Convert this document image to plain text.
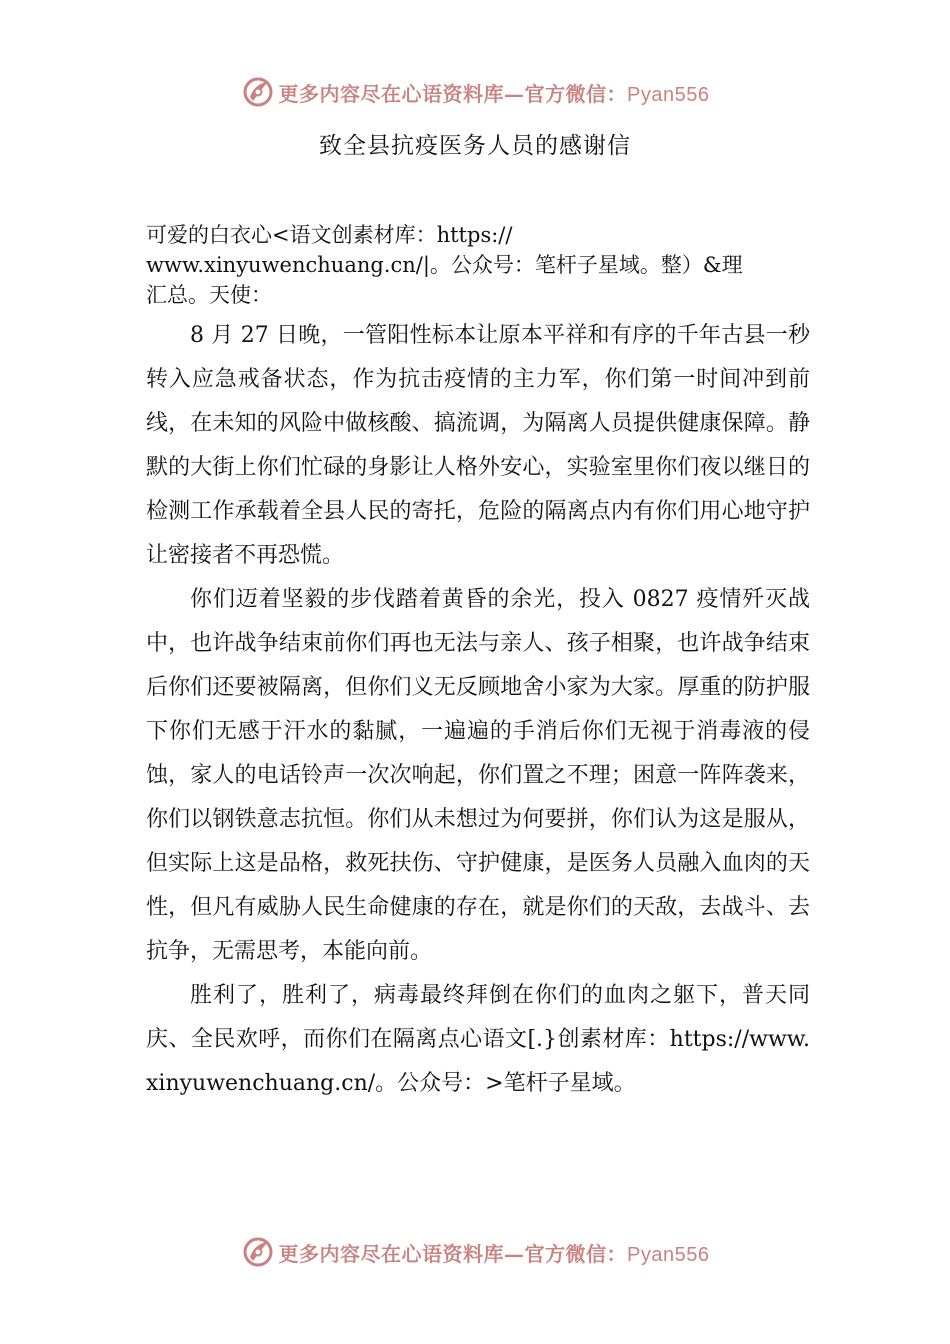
更多内容尽在心语资料库—官方微信：Pyan556
致全县抗疫医务人员的感谢信
可爱的白衣心<语文创素材库：https://
www.xinyuwenchuang.cn/|。公众号：笔杆子星域。整）&理
汇总。天使：

8 月 27 日晚，一管阳性标本让原本平祥和有序的千年古县一秒转入应急戒备状态，作为抗击疫情的主力军，你们第一时间冲到前线，在未知的风险中做核酸、搞流调，为隔离人员提供健康保障。静默的大街上你们忙碌的身影让人格外安心，实验室里你们夜以继日的检测工作承载着全县人民的寄托，危险的隔离点内有你们用心地守护让密接者不再恐慌。

你们迈着坚毅的步伐踏着黄昏的余光，投入 0827 疫情歼灭战中，也许战争结束前你们再也无法与亲人、孩子相聚，也许战争结束后你们还要被隔离，但你们义无反顾地舍小家为大家。厚重的防护服下你们无感于汗水的黏腻，一遍遍的手消后你们无视于消毒液的侵蚀，家人的电话铃声一次次响起，你们置之不理；困意一阵阵袭来，你们以钢铁意志抗恒。你们从未想过为何要拼，你们认为这是服从，但实际上这是品格，救死扶伤、守护健康，是医务人员融入血肉的天性，但凡有威胁人民生命健康的存在，就是你们的天敌，去战斗、去抗争，无需思考，本能向前。

胜利了，胜利了，病毒最终拜倒在你们的血肉之躯下，普天同庆、全民欢呼，而你们在隔离点心语文[.}创素材库：https://www.xinyuwenchuang.cn/。公众号：>笔杆子星域。

更多内容尽在心语资料库—官方微信：Pyan556
